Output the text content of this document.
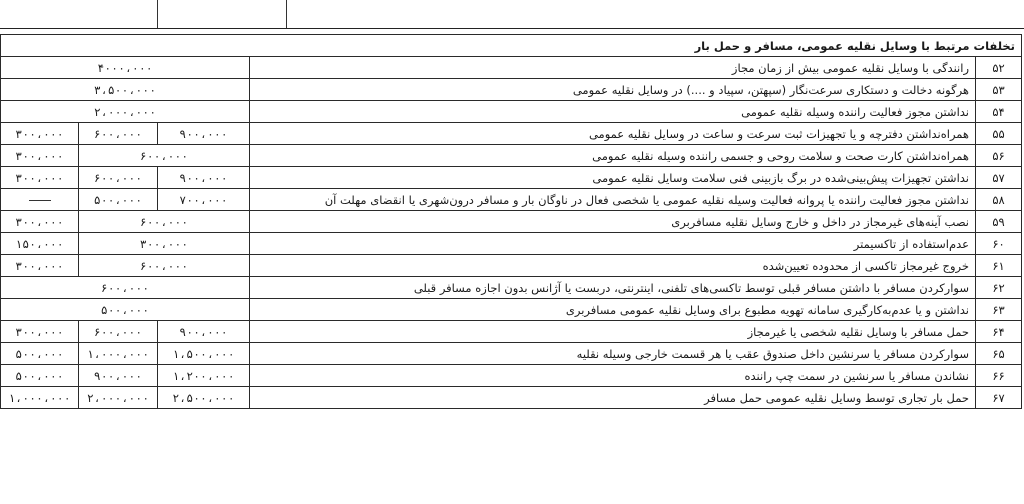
تخلفات مرتبط با وسایل نقلیه عمومی، مسافر و حمل بار				
۴۰۰۰،۰۰۰			رانندگی با وسایل نقلیه عمومی بیش از زمان مجاز	۵۲
۳،۵۰۰،۰۰۰			هرگونه دخالت و دستکاری سرعت‌نگار (سپهتن، سپیاد و ....) در وسایل نقلیه عمومی	۵۳
۲،۰۰۰،۰۰۰			نداشتن مجوز فعالیت راننده وسیله نقلیه عمومی	۵۴
۳۰۰،۰۰۰	۶۰۰،۰۰۰	۹۰۰،۰۰۰	همراه‌نداشتن دفترچه و یا تجهیزات ثبت سرعت و ساعت در وسایل نقلیه عمومی	۵۵
۳۰۰،۰۰۰	۶۰۰،۰۰۰		همراه‌نداشتن کارت صحت و سلامت روحی و جسمی راننده وسیله نقلیه عمومی	۵۶
۳۰۰،۰۰۰	۶۰۰،۰۰۰	۹۰۰،۰۰۰	نداشتن تجهیزات پیش‌بینی‌شده در برگ بازبینی فنی سلامت وسایل نقلیه عمومی	۵۷
	۵۰۰،۰۰۰	۷۰۰،۰۰۰	نداشتن مجوز فعالیت راننده یا پروانه فعالیت وسیله نقلیه عمومی یا شخصی فعال در ناوگان بار و مسافر درون‌شهری یا انقضای مهلت آن	۵۸
۳۰۰،۰۰۰	۶۰۰،۰۰۰		نصب آینه‌های غیرمجاز در داخل و خارج وسایل نقلیه مسافربری	۵۹
۱۵۰،۰۰۰	۳۰۰،۰۰۰		عدم‌استفاده از تاکسیمتر	۶۰
۳۰۰،۰۰۰	۶۰۰،۰۰۰		خروج غیرمجاز تاکسی از محدوده تعیین‌شده	۶۱
۶۰۰،۰۰۰			سوارکردن مسافر با داشتن مسافر قبلی توسط تاکسی‌های تلفنی، اینترنتی، دربست یا آژانس بدون اجازه مسافر قبلی	۶۲
۵۰۰،۰۰۰			نداشتن و یا عدم‌به‌کارگیری سامانه تهویه مطبوع برای وسایل نقلیه عمومی مسافربری	۶۳
۳۰۰،۰۰۰	۶۰۰،۰۰۰	۹۰۰،۰۰۰	حمل مسافر با وسایل نقلیه شخصی یا غیرمجاز	۶۴
۵۰۰،۰۰۰	۱،۰۰۰،۰۰۰	۱،۵۰۰،۰۰۰	سوارکردن مسافر یا سرنشین داخل صندوق عقب یا هر قسمت خارجی وسیله نقلیه	۶۵
۵۰۰،۰۰۰	۹۰۰،۰۰۰	۱،۲۰۰،۰۰۰	نشاندن مسافر یا سرنشین در سمت چپ راننده	۶۶
۱،۰۰۰،۰۰۰	۲،۰۰۰،۰۰۰	۲،۵۰۰،۰۰۰	حمل بار تجاری توسط وسایل نقلیه عمومی حمل مسافر	۶۷
